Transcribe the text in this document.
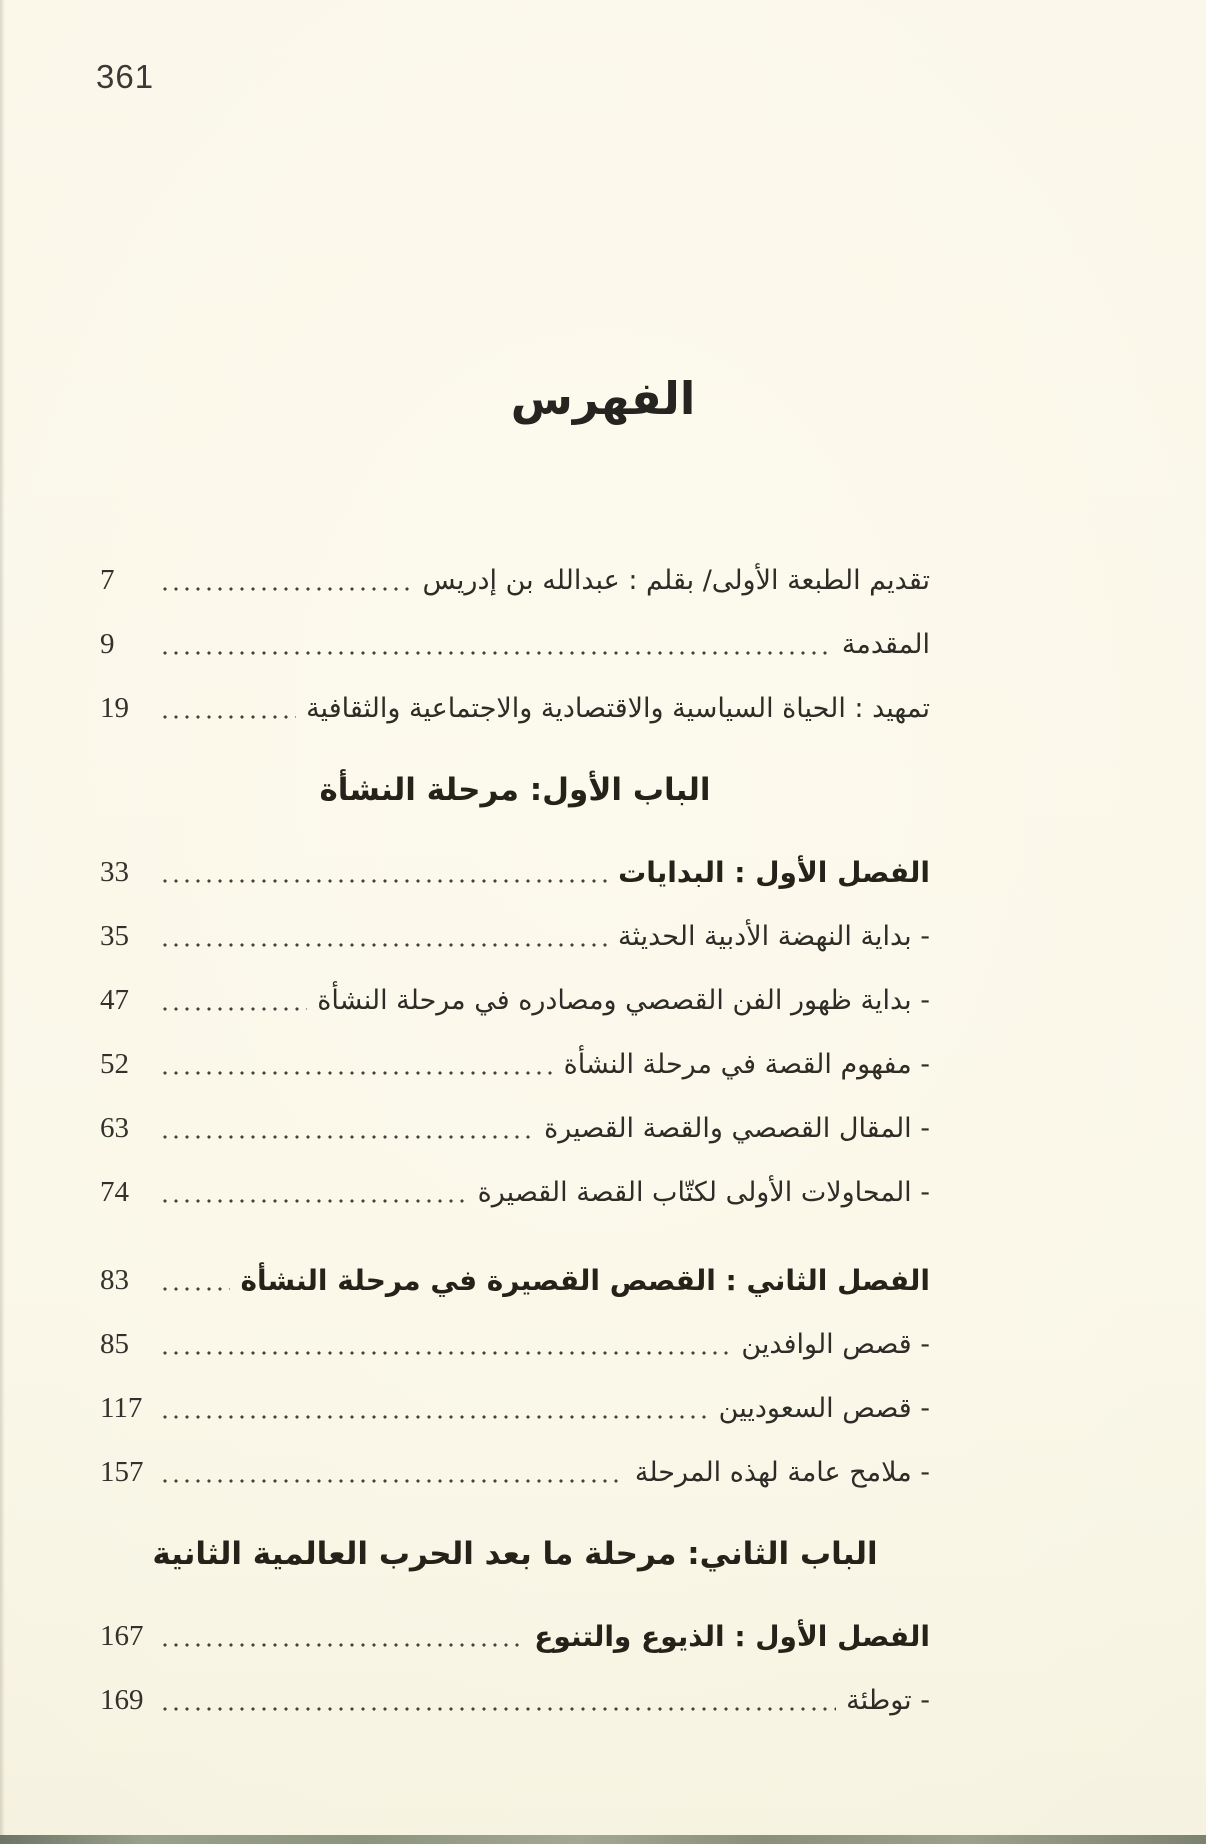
361
الفهرس
تقديم الطبعة الأولى/ بقلم : عبدالله بن إدريس
7
المقدمة
9
تمهيد : الحياة السياسية والاقتصادية والاجتماعية والثقافية
19
الباب الأول: مرحلة النشأة
الفصل الأول : البدايات
33
- بداية النهضة الأدبية الحديثة
35
- بداية ظهور الفن القصصي ومصادره في مرحلة النشأة
47
- مفهوم القصة في مرحلة النشأة
52
- المقال القصصي والقصة القصيرة
63
- المحاولات الأولى لكتّاب القصة القصيرة
74
الفصل الثاني : القصص القصيرة في مرحلة النشأة
83
- قصص الوافدين
85
- قصص السعوديين
117
- ملامح عامة لهذه المرحلة
157
الباب الثاني: مرحلة ما بعد الحرب العالمية الثانية
الفصل الأول : الذيوع والتنوع
167
- توطئة
169
